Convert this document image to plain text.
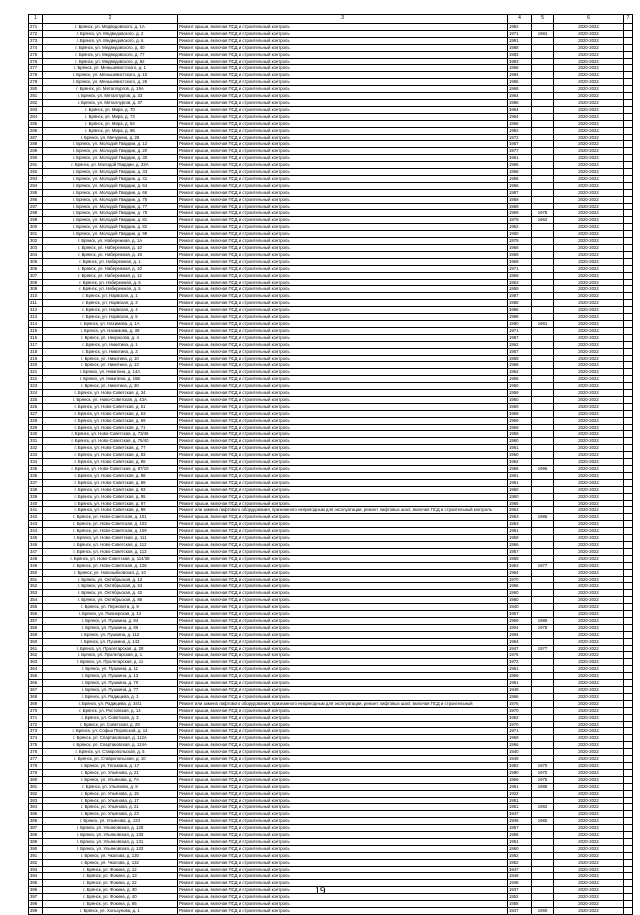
1	2	3	4	5	6	7
271	г. Брянск, ул. Медведовского, д. 1А	Ремонт крыши, включая ПСД и строительный контроль	1982		2020-2022	
272	г. Брянск, ул. Медведовского, д. 2	Ремонт крыши, включая ПСД и строительный контроль	1971	1984	2020-2022	
273	г. Брянск, ул. Медведовского, д. 6	Ремонт крыши, включая ПСД и строительный контроль	1991		2020-2022	
274	г. Брянск, ул. Медведовского, д. 40	Ремонт крыши, включая ПСД и строительный контроль	1988		2020-2022	
275	г. Брянск, ул. Медведовского, д. 77	Ремонт крыши, включая ПСД и строительный контроль	1983		2020-2022	
276	г. Брянск, ул. Медведовского, д. 92	Ремонт крыши, включая ПСД и строительный контроль	1983		2020-2022	
277	г. Брянск, ул. Меньшевистского, д. 1	Ремонт крыши, включая ПСД и строительный контроль	1958		2020-2022	
278	г. Брянск, ул. Меньшевистского, д. 10	Ремонт крыши, включая ПСД и строительный контроль	1984		2020-2022	
279	г. Брянск, ул. Меньшевистского, д. 26	Ремонт крыши, включая ПСД и строительный контроль	1955		2020-2022	
280	г. Брянск, ул. Металлургов, д. 19А	Ремонт крыши, включая ПСД и строительный контроль	1968		2020-2022	
281	г. Брянск, ул. Металлургов, д. 33	Ремонт крыши, включая ПСД и строительный контроль	1964		2020-2022	
282	г. Брянск, ул. Металлургов, д. 37	Ремонт крыши, включая ПСД и строительный контроль	1986		2020-2022	
283	г. Брянск, ул. Мира, д. 70	Ремонт крыши, включая ПСД и строительный контроль	1964		2020-2022	
284	г. Брянск, ул. Мира, д. 73	Ремонт крыши, включая ПСД и строительный контроль	1964		2020-2022	
285	г. Брянск, ул. Мира, д. 94	Ремонт крыши, включая ПСД и строительный контроль	1966		2020-2022	
286	г. Брянск, ул. Мира, д. 96	Ремонт крыши, включая ПСД и строительный контроль	1982		2020-2022	
287	г. Брянск, ул. Мичурина, д. 29	Ремонт крыши, включая ПСД и строительный контроль	1972		2020-2022	
288	г. Брянск, ул. Молодой Гвардии, д. 12	Ремонт крыши, включая ПСД и строительный контроль	1957		2020-2022	
289	г. Брянск, ул. Молодой Гвардии, д. 20	Ремонт крыши, включая ПСД и строительный контроль	1977		2020-2022	
290	г. Брянск, ул. Молодой Гвардии, д. 30	Ремонт крыши, включая ПСД и строительный контроль	1961		2020-2022	
291	г. Брянск, ул. Молодой Гвардии, д. 33А	Ремонт крыши, включая ПСД и строительный контроль	1965		2020-2022	
292	г. Брянск, ул. Молодой Гвардии, д. 33	Ремонт крыши, включая ПСД и строительный контроль	1958		2020-2022	
293	г. Брянск, ул. Молодой Гвардии, д. 41	Ремонт крыши, включая ПСД и строительный контроль	1956		2020-2022	
294	г. Брянск, ул. Молодой Гвардии, д. 64	Ремонт крыши, включая ПСД и строительный контроль	1966		2020-2022	
295	г. Брянск, ул. Молодой Гвардии, д. 66	Ремонт крыши, включая ПСД и строительный контроль	1987		2020-2022	
296	г. Брянск, ул. Молодой Гвардии, д. 75	Ремонт крыши, включая ПСД и строительный контроль	1959		2020-2022	
297	г. Брянск, ул. Молодой Гвардии, д. 77	Ремонт крыши, включая ПСД и строительный контроль	1969		2020-2022	
298	г. Брянск, ул. Молодой Гвардии, д. 79	Ремонт крыши, включая ПСД и строительный контроль	1969	1978	2020-2022	
299	г. Брянск, ул. Молодой Гвардии, д. 81	Ремонт крыши, включая ПСД и строительный контроль	1975	1962	2020-2022	
300	г. Брянск, ул. Молодой Гвардии, д. 82	Ремонт крыши, включая ПСД и строительный контроль	1962		2020-2022	
301	г. Брянск, ул. Молодой Гвардии, д. 98	Ремонт крыши, включая ПСД и строительный контроль	1960		2020-2022	
302	г. Брянск, ул. Набережная, д. 1А	Ремонт крыши, включая ПСД и строительный контроль	1975		2020-2022	
303	г. Брянск, ул. Набережная, д. 10	Ремонт крыши, включая ПСД и строительный контроль	1966		2020-2022	
304	г. Брянск, ул. Набережная, д. 18	Ремонт крыши, включая ПСД и строительный контроль	1969		2020-2022	
305	г. Брянск, ул. Набережная, д. 1	Ремонт крыши, включая ПСД и строительный контроль	1969		2020-2022	
306	г. Брянск, ул. Набережная, д. 10	Ремонт крыши, включая ПСД и строительный контроль	1971		2020-2022	
307	г. Брянск, ул. Набережная, д. 12	Ремонт крыши, включая ПСД и строительный контроль	1969		2020-2022	
308	г. Брянск, ул. Набережная, д. 6	Ремонт крыши, включая ПСД и строительный контроль	1963		2020-2022	
309	г. Брянск, ул. Набережная, д. 5	Ремонт крыши, включая ПСД и строительный контроль	1959		2020-2022	
310	г. Брянск, ул. Нарвская, д. 1	Ремонт крыши, включая ПСД и строительный контроль	1987		2020-2022	
311	г. Брянск, ул. Нарвская, д. 3	Ремонт крыши, включая ПСД и строительный контроль	1988		2020-2022	
312	г. Брянск, ул. Нарвская, д. 4	Ремонт крыши, включая ПСД и строительный контроль	1986		2020-2022	
313	г. Брянск, ул. Нарвская, д. 5	Ремонт крыши, включая ПСД и строительный контроль	1988		2020-2022	
314	г. Брянск, ул. Нахимова, д. 1А	Ремонт крыши, включая ПСД и строительный контроль	1980	1991	2020-2022	
315	г. Брянск, ул. Нахимова, д. 39	Ремонт крыши, включая ПСД и строительный контроль	1971		2020-2022	
316	г. Брянск, ул. Некрасова, д. 4	Ремонт крыши, включая ПСД и строительный контроль	1987		2020-2022	
317	г. Брянск, ул. Никитина, д. 1	Ремонт крыши, включая ПСД и строительный контроль	1962		2020-2022	
318	г. Брянск, ул. Никитина, д. 3	Ремонт крыши, включая ПСД и строительный контроль	1957		2020-2022	
319	г. Брянск, ул. Никитина, д. 10	Ремонт крыши, включая ПСД и строительный контроль	1958		2020-2022	
320	г. Брянск, ул. Никитина, д. 13	Ремонт крыши, включая ПСД и строительный контроль	1968		2020-2022	
321	г. Брянск, ул. Никитина, д. 14А	Ремонт крыши, включая ПСД и строительный контроль	1962		2020-2022	
322	г. Брянск, ул. Никитина, д. 15Б	Ремонт крыши, включая ПСД и строительный контроль	1955		2020-2022	
323	г. Брянск, ул. Никитина, д. 30	Ремонт крыши, включая ПСД и строительный контроль	1950		2020-2022	
324	г. Брянск, ул. Ново-Советская, д. 34	Ремонт крыши, включая ПСД и строительный контроль	1959		2020-2022	
325	г. Брянск, ул. Ново-Советская, д. 43А	Ремонт крыши, включая ПСД и строительный контроль	1960		2020-2022	
326	г. Брянск, ул. Ново-Советская, д. 51	Ремонт крыши, включая ПСД и строительный контроль	1960		2020-2022	
327	г. Брянск, ул. Ново-Советская, д. 53	Ремонт крыши, включая ПСД и строительный контроль	1959		2020-2022	
328	г. Брянск, ул. Ново-Советская, д. 69	Ремонт крыши, включая ПСД и строительный контроль	1959		2020-2022	
329	г. Брянск, ул. Ново-Советская, д. 71	Ремонт крыши, включая ПСД и строительный контроль	1969		2020-2022	
330	г. Брянск, ул. Ново-Советская, д. 73/46	Ремонт крыши, включая ПСД и строительный контроль	1959		2020-2022	
331	г. Брянск, ул. Ново-Советская, д. 75/40	Ремонт крыши, включая ПСД и строительный контроль	1960		2020-2022	
332	г. Брянск, ул. Ново-Советская, д. 77	Ремонт крыши, включая ПСД и строительный контроль	1961		2020-2022	
333	г. Брянск, ул. Ново-Советская, д. 83	Ремонт крыши, включая ПСД и строительный контроль	1960		2020-2022	
334	г. Брянск, ул. Ново-Советская, д. 86	Ремонт крыши, включая ПСД и строительный контроль	1962		2020-2022	
335	г. Брянск, ул. Ново-Советская, д. 87/10	Ремонт крыши, включая ПСД и строительный контроль	1956	1996	2020-2022	
336	г. Брянск, ул. Ново-Советская, д. 88	Ремонт крыши, включая ПСД и строительный контроль	1961		2020-2022	
337	г. Брянск, ул. Ново-Советская, д. 89	Ремонт крыши, включая ПСД и строительный контроль	1961		2020-2022	
338	г. Брянск, ул. Ново-Советская, д. 93	Ремонт крыши, включая ПСД и строительный контроль	1960		2020-2022	
339	г. Брянск, ул. Ново-Советская, д. 95	Ремонт крыши, включая ПСД и строительный контроль	1960		2020-2022	
340	г. Брянск, ул. Ново-Советская, д. 97	Ремонт крыши, включая ПСД и строительный контроль	1965		2020-2022	
341	г. Брянск, ул. Ново-Советская, д. 99	Ремонт или замена лифтового оборудования, признанного непригодным для эксплуатации, ремонт лифтовых шахт, включая ПСД и строительный контроль	1963		2020-2022	
342	г. Брянск, ул. Ново-Советская, д. 101	Ремонт крыши, включая ПСД и строительный контроль	1963	1986	2020-2022	
343	г. Брянск, ул. Ново-Советская, д. 103	Ремонт крыши, включая ПСД и строительный контроль	1963		2020-2022	
344	г. Брянск, ул. Ново-Советская, д. 109	Ремонт крыши, включая ПСД и строительный контроль	1961		2020-2022	
345	г. Брянск, ул. Ново-Советская, д. 111	Ремонт крыши, включая ПСД и строительный контроль	1959		2020-2022	
346	г. Брянск, ул. Ново-Советская, д. 112	Ремонт крыши, включая ПСД и строительный контроль	1966		2020-2022	
347	г. Брянск, ул. Ново-Советская, д. 113	Ремонт крыши, включая ПСД и строительный контроль	1957		2020-2022	
348	г. Брянск, ул. Ново-Советская, д. 114/38	Ремонт крыши, включая ПСД и строительный контроль	1958		2020-2022	
349	г. Брянск, ул. Ново-Советская, д. 126	Ремонт крыши, включая ПСД и строительный контроль	1963	1977	2020-2022	
350	г. Брянск, ул. Новозыбковская, д. 10	Ремонт крыши, включая ПСД и строительный контроль	1964		2020-2022	
351	г. Брянск, ул. Октябрьская, д. 13	Ремонт крыши, включая ПСД и строительный контроль	1970		2020-2022	
352	г. Брянск, ул. Октябрьская, д. 24	Ремонт крыши, включая ПСД и строительный контроль	1966		2020-2022	
353	г. Брянск, ул. Октябрьская, д. 42	Ремонт крыши, включая ПСД и строительный контроль	1960		2020-2022	
354	г. Брянск, ул. Октябрьская, д. 86	Ремонт крыши, включая ПСД и строительный контроль	1960		2020-2022	
355	г. Брянск, ул. Пересвета, д. 9	Ремонт крыши, включая ПСД и строительный контроль	1940		2020-2022	
356	г. Брянск, ул. Пионерская, д. 12	Ремонт крыши, включая ПСД и строительный контроль	1957		2020-2022	
357	г. Брянск, ул. Пушкина, д. 84	Ремонт крыши, включая ПСД и строительный контроль	1959	1989	2020-2022	
358	г. Брянск, ул. Пушкина, д. 86	Ремонт крыши, включая ПСД и строительный контроль	1904	1978	2020-2022	
359	г. Брянск, ул. Пушкина, д. 112	Ремонт крыши, включая ПСД и строительный контроль	1994		2020-2022	
360	г. Брянск, ул. Пушкина, д. 143	Ремонт крыши, включая ПСД и строительный контроль	1964		2020-2022	
361	г. Брянск, ул. Пролетарская, д. 28	Ремонт крыши, включая ПСД и строительный контроль	1947	1977	2020-2022	
362	г. Брянск, ул. Пролетарская, д. 1	Ремонт крыши, включая ПСД и строительный контроль	1975		2020-2022	
363	г. Брянск, ул. Пролетарская, д. 11	Ремонт крыши, включая ПСД и строительный контроль	1972		2020-2022	
364	г. Брянск, ул. Пушкина, д. 11	Ремонт крыши, включая ПСД и строительный контроль	1961		2020-2022	
365	г. Брянск, ул. Пушкина, д. 13	Ремонт крыши, включая ПСД и строительный контроль	1959		2020-2022	
366	г. Брянск, ул. Пушкина, д. 70	Ремонт крыши, включая ПСД и строительный контроль	1961		2020-2022	
367	г. Брянск, ул. Пушкина, д. 77	Ремонт крыши, включая ПСД и строительный контроль	1949		2020-2022	
368	г. Брянск, ул. Радищева, д. 1	Ремонт крыши, включая ПСД и строительный контроль	1966		2020-2022	
369	г. Брянск, ул. Радищева, д. 34/1	Ремонт или замена лифтового оборудования, признанного непригодным для эксплуатации, ремонт лифтовых шахт, включая ПСД и строительный	1976		2020-2022	
370	г. Брянск, ул. Ростовская, д. 14	Ремонт крыши, включая ПСД и строительный контроль	1970		2020-2022	
371	г. Брянск, ул. Советская, д. 3	Ремонт крыши, включая ПСД и строительный контроль	1952		2020-2022	
372	г. Брянск, ул. Советская, д. 28	Ремонт крыши, включая ПСД и строительный контроль	1970		2020-2022	
373	г. Брянск, ул. Софьи Перовской, д. 14	Ремонт крыши, включая ПСД и строительный контроль	1971		2020-2022	
374	г. Брянск, ул. Спартаковская, д. 112А	Ремонт крыши, включая ПСД и строительный контроль	1969		2020-2022	
375	г. Брянск, ул. Спартаковская, д. 124А	Ремонт крыши, включая ПСД и строительный контроль	1966		2020-2022	
376	г. Брянск, ул. Ставропольская, д. 5	Ремонт крыши, включая ПСД и строительный контроль	1940		2020-2022	
377	г. Брянск, ул. Ставропольская, д. 10	Ремонт крыши, включая ПСД и строительный контроль	1949		2020-2022	
378	г. Брянск, ул. Тельмана, д. 17	Ремонт крыши, включая ПСД и строительный контроль	1982	1970	2020-2022	
379	г. Брянск, ул. Ульянова, д. 21	Ремонт крыши, включая ПСД и строительный контроль	1980	1970	2020-2022	
380	г. Брянск, ул. Ульянова, д. 7А	Ремонт крыши, включая ПСД и строительный контроль	1959	1975	2020-2022	
381	г. Брянск, ул. Ульянова, д. 9	Ремонт крыши, включая ПСД и строительный контроль	1961	1988	2020-2022	
382	г. Брянск, ул. Ульянова, д. 15	Ремонт крыши, включая ПСД и строительный контроль	1922		2020-2022	
383	г. Брянск, ул. Ульянова, д. 17	Ремонт крыши, включая ПСД и строительный контроль	1951		2020-2022	
384	г. Брянск, ул. Ульянова, д. 21	Ремонт крыши, включая ПСД и строительный контроль	1951	1992	2020-2022	
385	г. Брянск, ул. Ульянова, д. 23	Ремонт крыши, включая ПСД и строительный контроль	1947		2020-2022	
386	г. Брянск, ул. Ульянова, д. 124	Ремонт крыши, включая ПСД и строительный контроль	1946	1965	2020-2022	
387	г. Брянск, ул. Ульяновская, д. 128	Ремонт крыши, включая ПСД и строительный контроль	1957		2020-2022	
388	г. Брянск, ул. Ульяновская, д. 130	Ремонт крыши, включая ПСД и строительный контроль	1956		2020-2022	
389	г. Брянск, ул. Ульяновская, д. 131	Ремонт крыши, включая ПСД и строительный контроль	1961		2020-2022	
390	г. Брянск, ул. Ульяновская, д. 133	Ремонт крыши, включая ПСД и строительный контроль	1960		2020-2022	
391	г. Брянск, ул. Чкалова, д. 130	Ремонт крыши, включая ПСД и строительный контроль	1952		2020-2022	
392	г. Брянск, ул. Чкалова, д. 132	Ремонт крыши, включая ПСД и строительный контроль	1952		2020-2022	
393	г. Брянск, ул. Фокина, д. 12	Ремонт крыши, включая ПСД и строительный контроль	1947		2020-2022	
394	г. Брянск, ул. Фокина, д. 13	Ремонт крыши, включая ПСД и строительный контроль	1948		2020-2022	
395	г. Брянск, ул. Фокина, д. 22	Ремонт крыши, включая ПСД и строительный контроль	1938		2020-2022	
396	г. Брянск, ул. Фокина, д. 30	Ремонт крыши, включая ПСД и строительный контроль	1937		2020-2022	
397	г. Брянск, ул. Фокина, д. 40	Ремонт крыши, включая ПСД и строительный контроль	1952		2020-2022	
398	г. Брянск, ул. Фокина, д. 65	Ремонт крыши, включая ПСД и строительный контроль	1958		2020-2022	
399	г. Брянск, ул. Хользунова, д. 1	Ремонт крыши, включая ПСД и строительный контроль	1947	1990	2020-2022	
19
